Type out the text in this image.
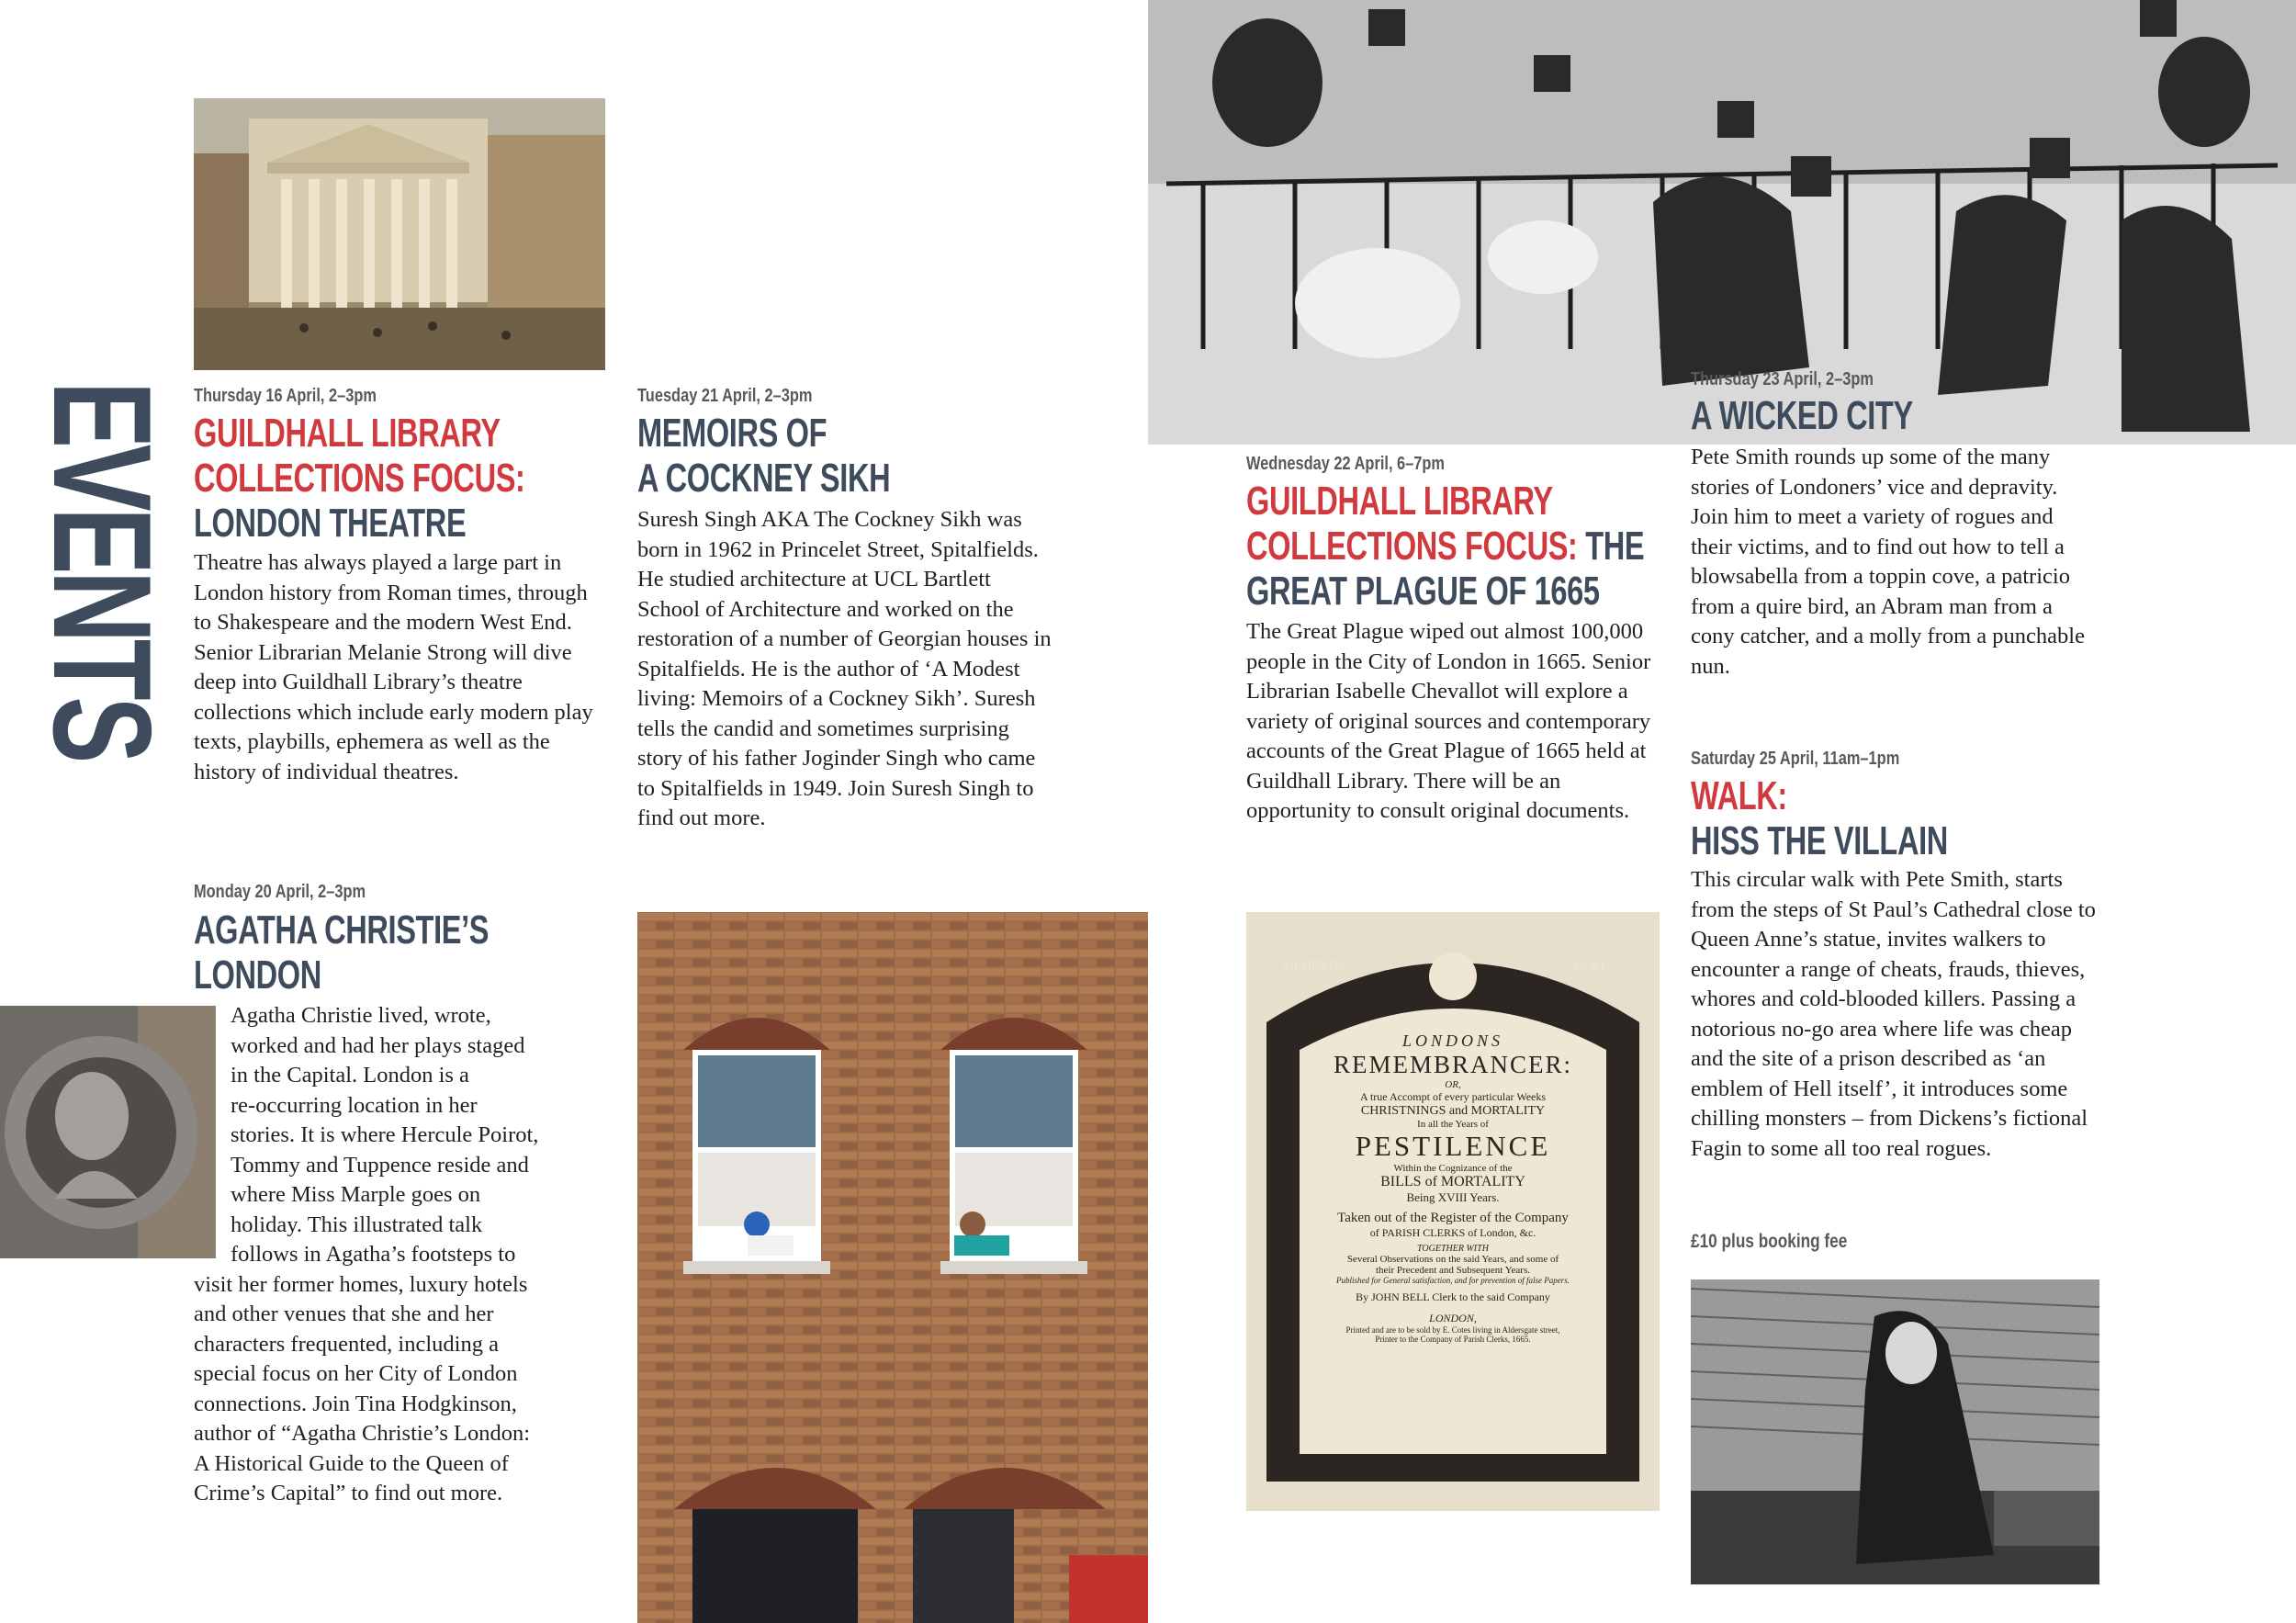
EVENTS Thursday 16 April, 2–3pm
GUILDHALL LIBRARY
COLLECTIONS FOCUS:
LONDON THEATRE

Theatre has always played a large part in London history from Roman times, through to Shakespeare and the modern West End. Senior Librarian Melanie Strong will dive deep into Guildhall Library’s theatre collections which include early modern play texts, playbills, ephemera as well as the history of individual theatres.

Monday 20 April, 2–3pm
AGATHA CHRISTIE’S
LONDON

Agatha Christie lived, wrote,

worked and had her plays staged

in the Capital. London is a

re-occurring location in her

stories. It is where Hercule Poirot,

Tommy and Tuppence reside and

where Miss Marple goes on

holiday. This illustrated talk

follows in Agatha’s footsteps to

visit her former homes, luxury hotels

and other venues that she and her

characters frequented, including a

special focus on her City of London

connections. Join Tina Hodgkinson,

author of “Agatha Christie’s London:

A Historical Guide to the Queen of

Crime’s Capital” to find out more.

Tuesday 21 April, 2–3pm
MEMOIRS OF
A COCKNEY SIKH

Suresh Singh AKA The Cockney Sikh was born in 1962 in Princelet Street, Spitalfields. He studied architecture at UCL Bartlett School of Architecture and worked on the restoration of a number of Georgian houses in Spitalfields. He is the author of ‘A Modest living: Memoirs of a Cockney Sikh’. Suresh tells the candid and sometimes surprising story of his father Joginder Singh who came to Spitalfields in 1949. Join Suresh Singh to find out more.

Wednesday 22 April, 6–7pm
GUILDHALL LIBRARY
COLLECTIONS FOCUS: THE
GREAT PLAGUE OF 1665

The Great Plague wiped out almost 100,000 people in the City of London in 1665. Senior Librarian Isabelle Chevallot will explore a variety of original sources and contemporary accounts of the Great Plague of 1665 held at Guildhall Library. There will be an opportunity to consult original documents.

MEMENTO	MORI
LONDONS
REMEMBRANCER:
OR,
A true Accompt of every particular Weeks
CHRISTNINGS and MORTALITY
In all the Years of
PESTILENCE
Within the Cognizance of the
BILLS of MORTALITY
Being XVIII Years.
Taken out of the Register of the Company
of PARISH CLERKS of London, &c.
TOGETHER WITH
Several Observations on the said Years, and some of
their Precedent and Subsequent Years.
Published for General satisfaction, and for prevention of false Papers.
By JOHN BELL Clerk to the said Company
LONDON,
Printed and are to be sold by E. Cotes living in Aldersgate street,
Printer to the Company of Parish Clerks, 1665.
Thursday 23 April, 2–3pm
A WICKED CITY

Pete Smith rounds up some of the many stories of Londoners’ vice and depravity. Join him to meet a variety of rogues and their victims, and to find out how to tell a blowsabella from a toppin cove, a patricio from a quire bird, an Abram man from a cony catcher, and a molly from a punchable nun.

Saturday 25 April, 11am–1pm
WALK:
HISS THE VILLAIN

This circular walk with Pete Smith, starts from the steps of St Paul’s Cathedral close to Queen Anne’s statue, invites walkers to encounter a range of cheats, frauds, thieves, whores and cold-blooded killers. Passing a notorious no-go area where life was cheap and the site of a prison described as ‘an emblem of Hell itself’, it introduces some chilling monsters – from Dickens’s fictional Fagin to some all too real rogues.

£10 plus booking fee
